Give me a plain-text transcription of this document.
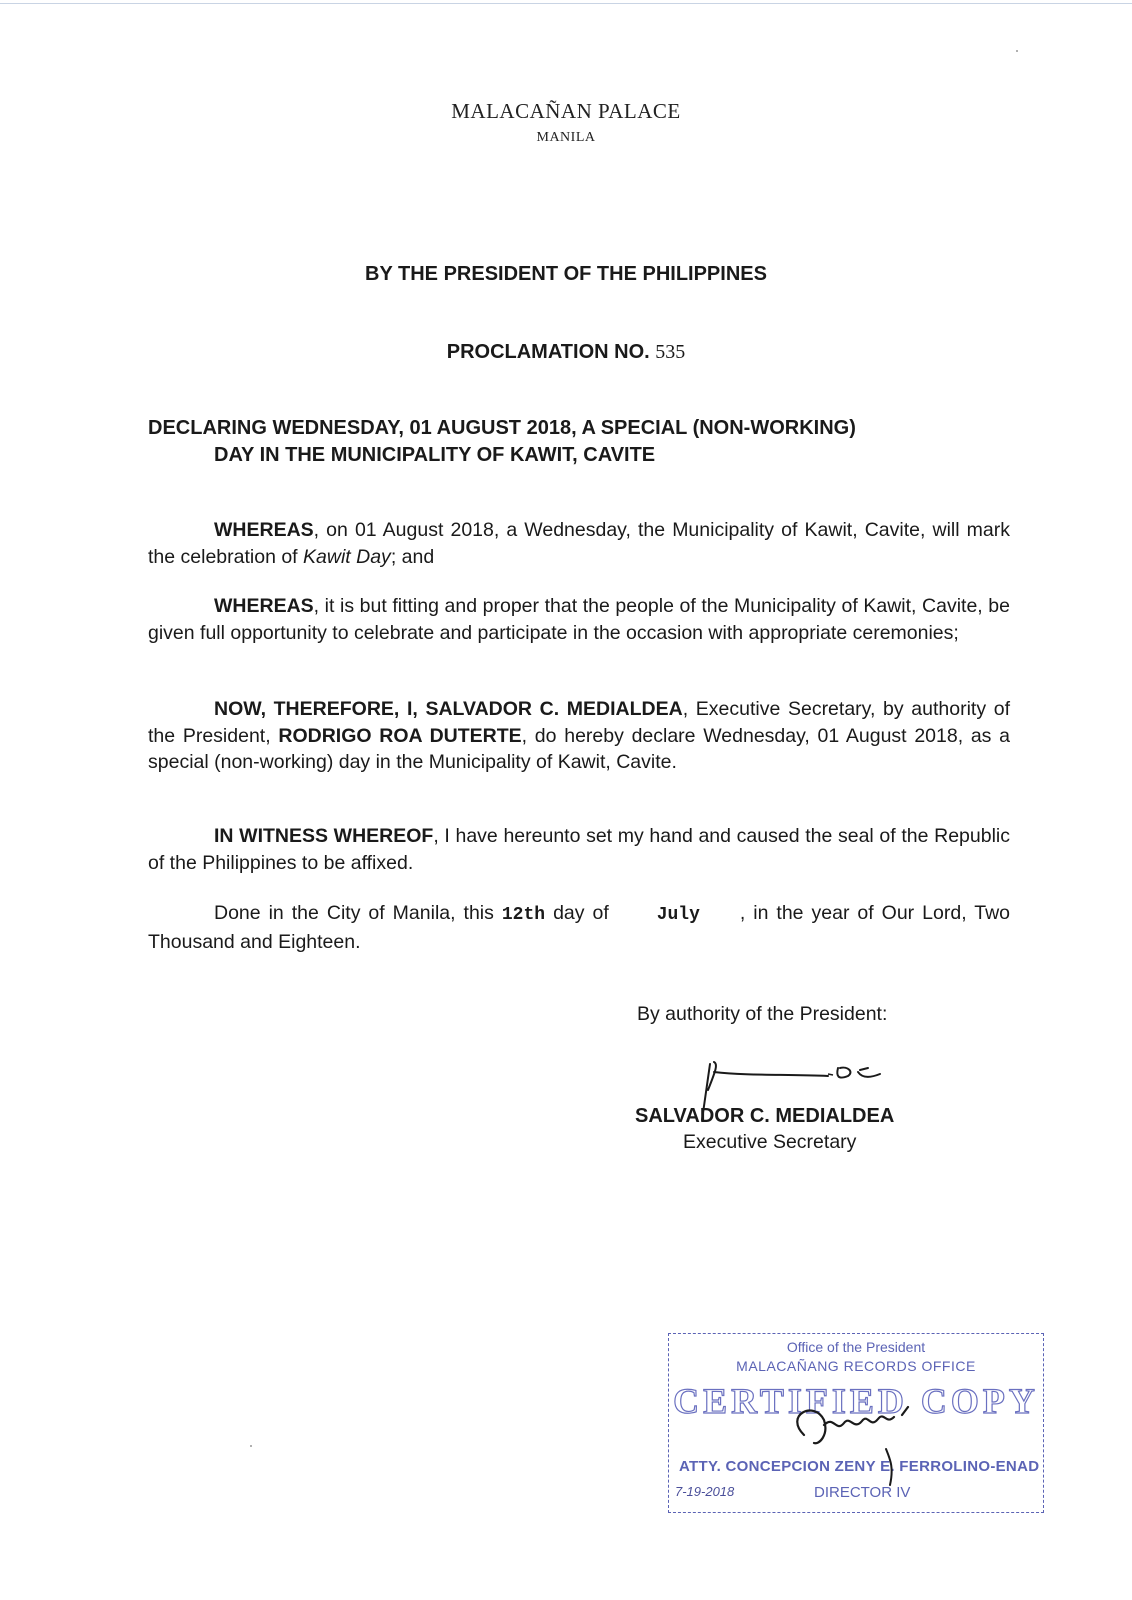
MALACAÑAN PALACE
MANILA
BY THE PRESIDENT OF THE PHILIPPINES
PROCLAMATION NO. 535
DECLARING WEDNESDAY, 01 AUGUST 2018, A SPECIAL (NON-WORKING)
DAY IN THE MUNICIPALITY OF KAWIT, CAVITE

WHEREAS, on 01 August 2018, a Wednesday, the Municipality of Kawit, Cavite, will mark the celebration of Kawit Day; and

WHEREAS, it is but fitting and proper that the people of the Municipality of Kawit, Cavite, be given full opportunity to celebrate and participate in the occasion with appropriate ceremonies;

NOW, THEREFORE, I, SALVADOR C. MEDIALDEA, Executive Secretary, by authority of the President, RODRIGO ROA DUTERTE, do hereby declare Wednesday, 01 August 2018, as a special (non-working) day in the Municipality of Kawit, Cavite.

IN WITNESS WHEREOF, I have hereunto set my hand and caused the seal of the Republic of the Philippines to be affixed.

Done in the City of Manila, this 12th day of      July , in the year of Our Lord, Two Thousand and Eighteen.

By authority of the President:
SALVADOR C. MEDIALDEA
Executive Secretary
Office of the President
MALACAÑANG RECORDS OFFICE
CERTIFIED COPY
ATTY. CONCEPCION ZENY E. FERROLINO-ENAD
7-19-2018	DIRECTOR IV
